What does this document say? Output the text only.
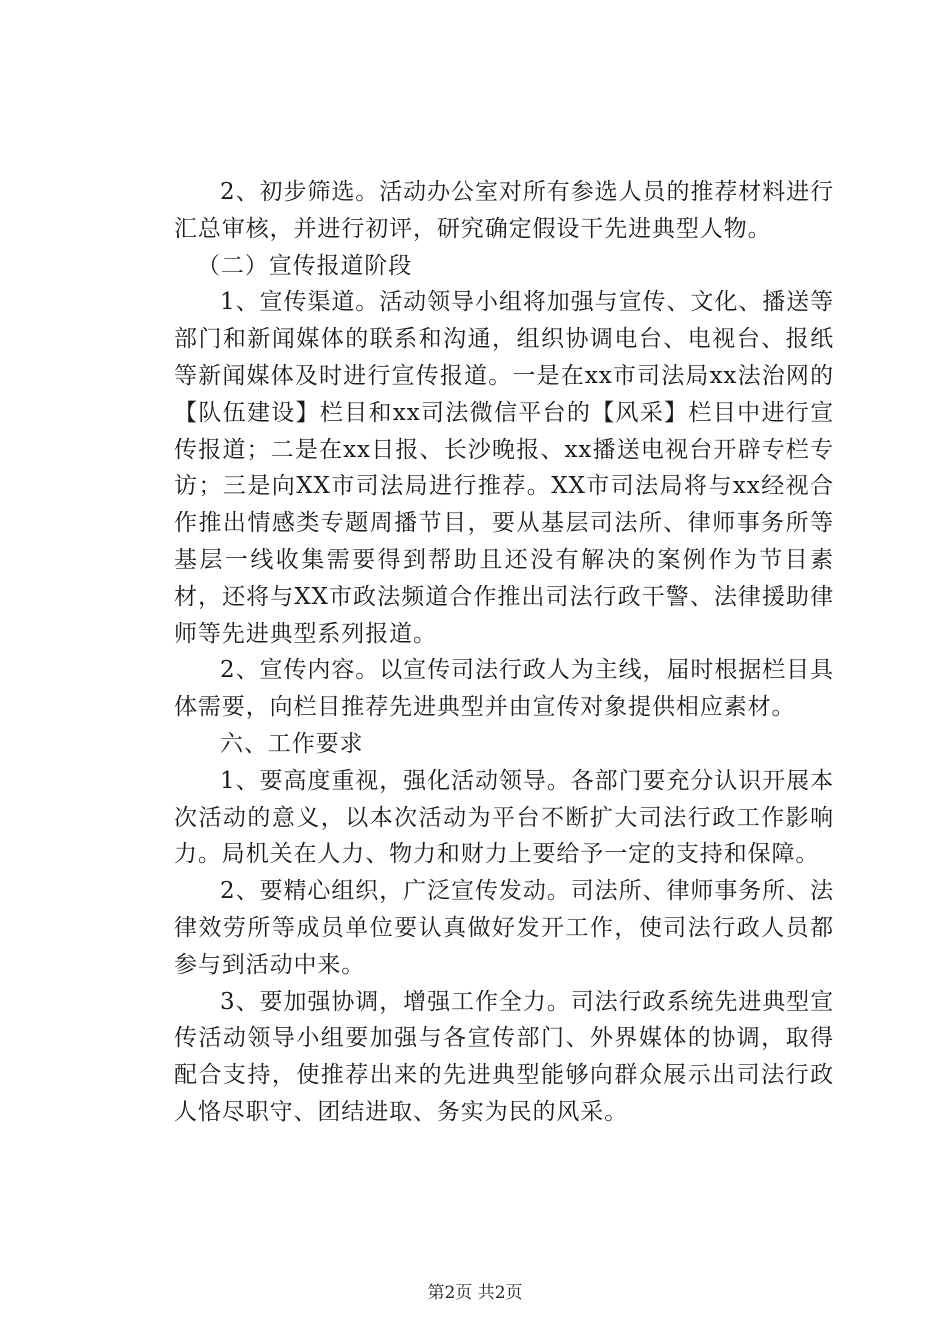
2、初步筛选。活动办公室对所有参选人员的推荐材料进行汇总审核，并进行初评，研究确定假设干先进典型人物。

（二）宣传报道阶段

1、宣传渠道。活动领导小组将加强与宣传、文化、播送等部门和新闻媒体的联系和沟通，组织协调电台、电视台、报纸等新闻媒体及时进行宣传报道。一是在xx市司法局xx法治网的【队伍建设】栏目和xx司法微信平台的【风采】栏目中进行宣传报道；二是在xx日报、长沙晚报、xx播送电视台开辟专栏专访；三是向XX市司法局进行推荐。XX市司法局将与xx经视合作推出情感类专题周播节目，要从基层司法所、律师事务所等基层一线收集需要得到帮助且还没有解决的案例作为节目素材，还将与XX市政法频道合作推出司法行政干警、法律援助律师等先进典型系列报道。

2、宣传内容。以宣传司法行政人为主线，届时根据栏目具体需要，向栏目推荐先进典型并由宣传对象提供相应素材。

六、工作要求

1、要高度重视，强化活动领导。各部门要充分认识开展本次活动的意义，以本次活动为平台不断扩大司法行政工作影响力。局机关在人力、物力和财力上要给予一定的支持和保障。

2、要精心组织，广泛宣传发动。司法所、律师事务所、法律效劳所等成员单位要认真做好发开工作，使司法行政人员都参与到活动中来。

3、要加强协调，增强工作全力。司法行政系统先进典型宣传活动领导小组要加强与各宣传部门、外界媒体的协调，取得配合支持，使推荐出来的先进典型能够向群众展示出司法行政人恪尽职守、团结进取、务实为民的风采。

第2页 共2页
